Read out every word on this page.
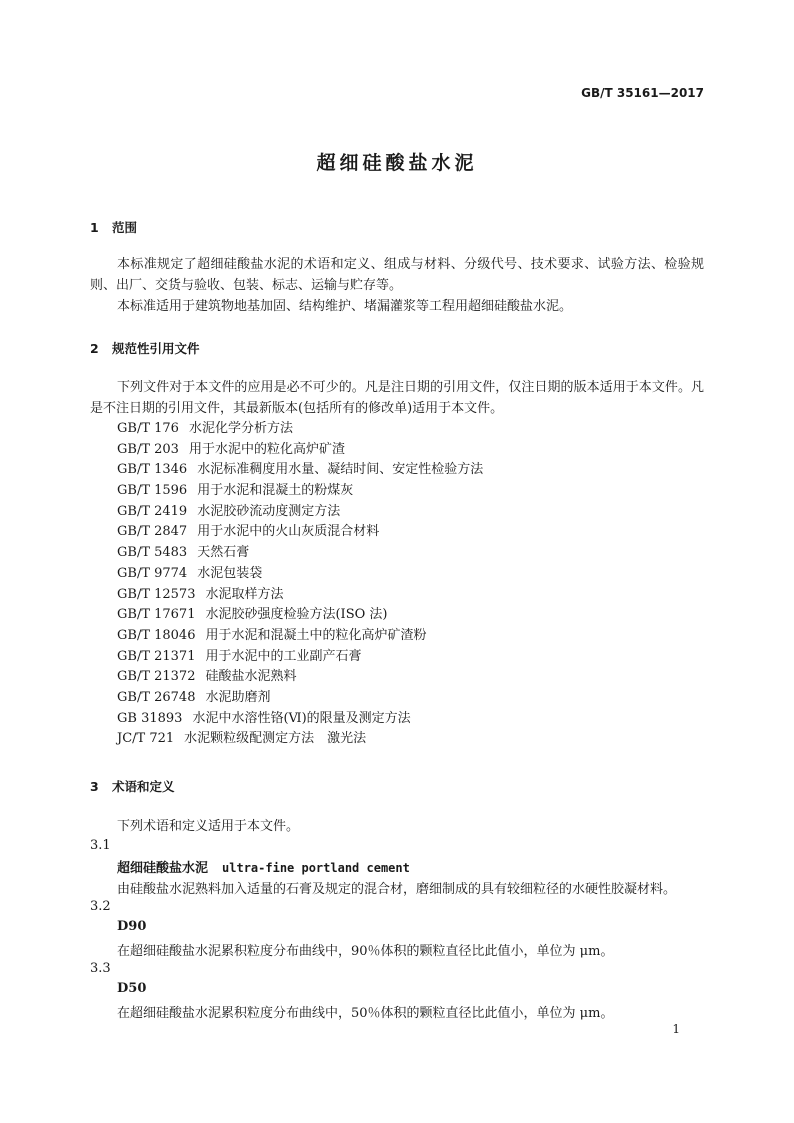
GB/T 35161—2017
超细硅酸盐水泥
1 范围
本标准规定了超细硅酸盐水泥的术语和定义、组成与材料、分级代号、技术要求、试验方法、检验规则、出厂、交货与验收、包装、标志、运输与贮存等。
本标准适用于建筑物地基加固、结构维护、堵漏灌浆等工程用超细硅酸盐水泥。
2 规范性引用文件
下列文件对于本文件的应用是必不可少的。凡是注日期的引用文件，仅注日期的版本适用于本文件。凡是不注日期的引用文件，其最新版本(包括所有的修改单)适用于本文件。
GB/T 176 水泥化学分析方法
GB/T 203 用于水泥中的粒化高炉矿渣
GB/T 1346 水泥标准稠度用水量、凝结时间、安定性检验方法
GB/T 1596 用于水泥和混凝土的粉煤灰
GB/T 2419 水泥胶砂流动度测定方法
GB/T 2847 用于水泥中的火山灰质混合材料
GB/T 5483 天然石膏
GB/T 9774 水泥包装袋
GB/T 12573 水泥取样方法
GB/T 17671 水泥胶砂强度检验方法(ISO 法)
GB/T 18046 用于水泥和混凝土中的粒化高炉矿渣粉
GB/T 21371 用于水泥中的工业副产石膏
GB/T 21372 硅酸盐水泥熟料
GB/T 26748 水泥助磨剂
GB 31893 水泥中水溶性铬(Ⅵ)的限量及测定方法
JC/T 721 水泥颗粒级配测定方法　激光法
3 术语和定义
下列术语和定义适用于本文件。
3.1
超细硅酸盐水泥 ultra-fine portland cement
由硅酸盐水泥熟料加入适量的石膏及规定的混合材，磨细制成的具有较细粒径的水硬性胶凝材料。
3.2
D90
在超细硅酸盐水泥累积粒度分布曲线中，90％体积的颗粒直径比此值小，单位为 μm。
3.3
D50
在超细硅酸盐水泥累积粒度分布曲线中，50％体积的颗粒直径比此值小，单位为 μm。
1
